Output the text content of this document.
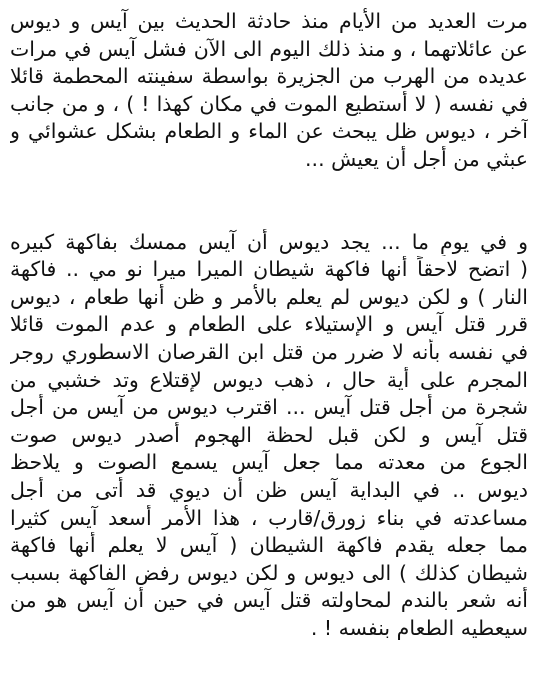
مرت العديد من الأيام منذ حادثة الحديث بين آيس و ديوس
عن عائلاتهما ، و منذ ذلك اليوم الى الآن فشل آيس في مرات
عديده من الهرب من الجزيرة بواسطة سفينته المحطمة قائلا
في نفسه ( لا أستطيع الموت في مكان كهذا ! ) ، و من جانب
آخر ، ديوس ظل يبحث عن الماء و الطعام بشكل عشوائي و
عبثي من أجل أن يعيش ...
و في يومٍ ما ... يجد ديوس أن آيس ممسك بفاكهة كبيره
( اتضح لاحقاً أنها فاكهة شيطان الميرا ميرا نو مي .. فاكهة
النار ) و لكن ديوس لم يعلم بالأمر و ظن أنها طعام ، ديوس
قرر قتل آيس و الإستيلاء على الطعام و عدم الموت قائلا
في نفسه بأنه لا ضرر من قتل ابن القرصان الاسطوري روجر
المجرم على أية حال ، ذهب ديوس لإقتلاع وتد خشبي من
شجرة من أجل قتل آيس ... اقترب ديوس من آيس من أجل
قتل آيس و لكن قبل لحظة الهجوم أصدر ديوس صوت
الجوع من معدته مما جعل آيس يسمع الصوت و يلاحظ
ديوس .. في البداية آيس ظن أن ديوي قد أتى من أجل
مساعدته في بناء زورق/قارب ، هذا الأمر أسعد آيس كثيرا
مما جعله يقدم فاكهة الشيطان ( آيس لا يعلم أنها فاكهة
شيطان كذلك ) الى ديوس و لكن ديوس رفض الفاكهة بسبب
أنه شعر بالندم لمحاولته قتل آيس في حين أن آيس هو من
سيعطيه الطعام بنفسه ! .
